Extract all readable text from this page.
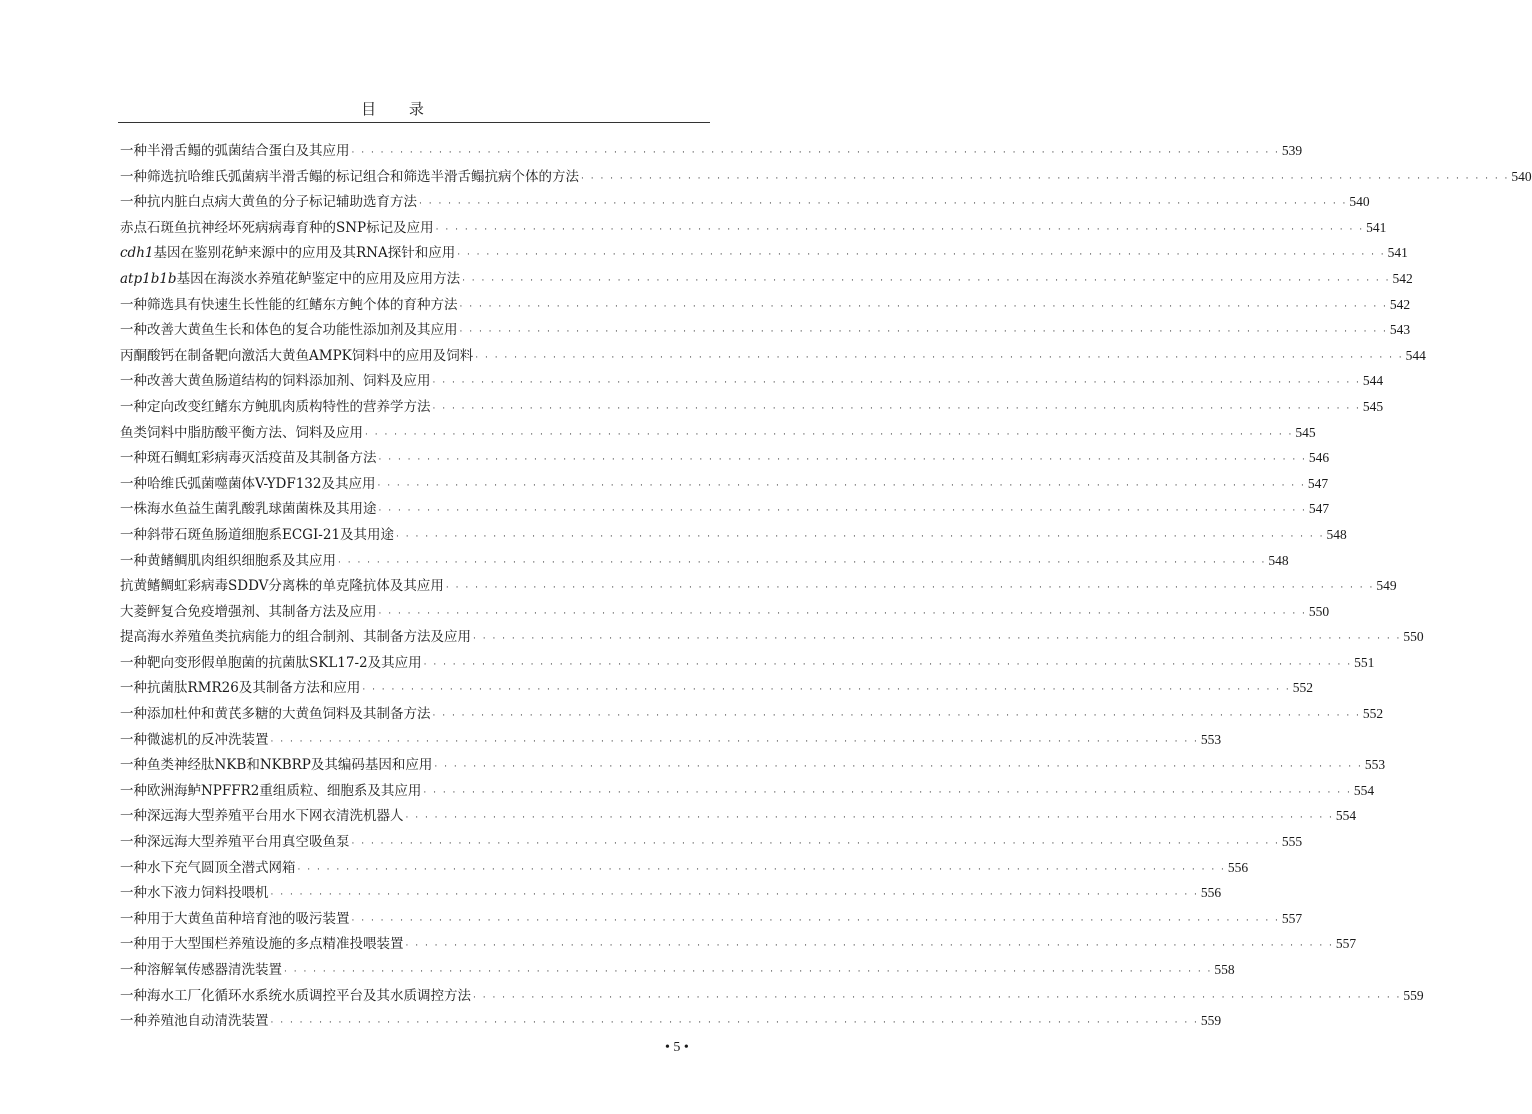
目 录
一种半滑舌鳎的弧菌结合蛋白及其应用 · · ·	539
一种筛选抗哈维氏弧菌病半滑舌鳎的标记组合和筛选半滑舌鳎抗病个体的方法 · · ·	540
一种抗内脏白点病大黄鱼的分子标记辅助选育方法 · · ·	540
赤点石斑鱼抗神经坏死病病毒育种的SNP标记及应用 · · ·	541
cdh1基因在鉴别花鲈来源中的应用及其RNA探针和应用 · · ·	541
atp1b1b基因在海淡水养殖花鲈鉴定中的应用及应用方法 · · ·	542
一种筛选具有快速生长性能的红鳍东方鲀个体的育种方法 · · ·	542
一种改善大黄鱼生长和体色的复合功能性添加剂及其应用 · · ·	543
丙酮酸钙在制备靶向激活大黄鱼AMPK饲料中的应用及饲料 · · ·	544
一种改善大黄鱼肠道结构的饲料添加剂、饲料及应用 · · ·	544
一种定向改变红鳍东方鲀肌肉质构特性的营养学方法 · · ·	545
鱼类饲料中脂肪酸平衡方法、饲料及应用 · · ·	545
一种斑石鲷虹彩病毒灭活疫苗及其制备方法 · · ·	546
一种哈维氏弧菌噬菌体V-YDF132及其应用 · · ·	547
一株海水鱼益生菌乳酸乳球菌菌株及其用途 · · ·	547
一种斜带石斑鱼肠道细胞系ECGI-21及其用途 · · ·	548
一种黄鳍鲷肌肉组织细胞系及其应用 · · ·	548
抗黄鳍鲷虹彩病毒SDDV分离株的单克隆抗体及其应用 · · ·	549
大菱鲆复合免疫增强剂、其制备方法及应用 · · ·	550
提高海水养殖鱼类抗病能力的组合制剂、其制备方法及应用 · · ·	550
一种靶向变形假单胞菌的抗菌肽SKL17-2及其应用 · · ·	551
一种抗菌肽RMR26及其制备方法和应用 · · ·	552
一种添加杜仲和黄芪多糖的大黄鱼饲料及其制备方法 · · ·	552
一种微滤机的反冲洗装置 · · ·	553
一种鱼类神经肽NKB和NKBRP及其编码基因和应用 · · ·	553
一种欧洲海鲈NPFFR2重组质粒、细胞系及其应用 · · ·	554
一种深远海大型养殖平台用水下网衣清洗机器人 · · ·	554
一种深远海大型养殖平台用真空吸鱼泵 · · ·	555
一种水下充气圆顶全潜式网箱 · · ·	556
一种水下液力饲料投喂机 · · ·	556
一种用于大黄鱼苗种培育池的吸污装置 · · ·	557
一种用于大型围栏养殖设施的多点精准投喂装置 · · ·	557
一种溶解氧传感器清洗装置 · · ·	558
一种海水工厂化循环水系统水质调控平台及其水质调控方法 · · ·	559
一种养殖池自动清洗装置 · · ·	559
• 5 •
